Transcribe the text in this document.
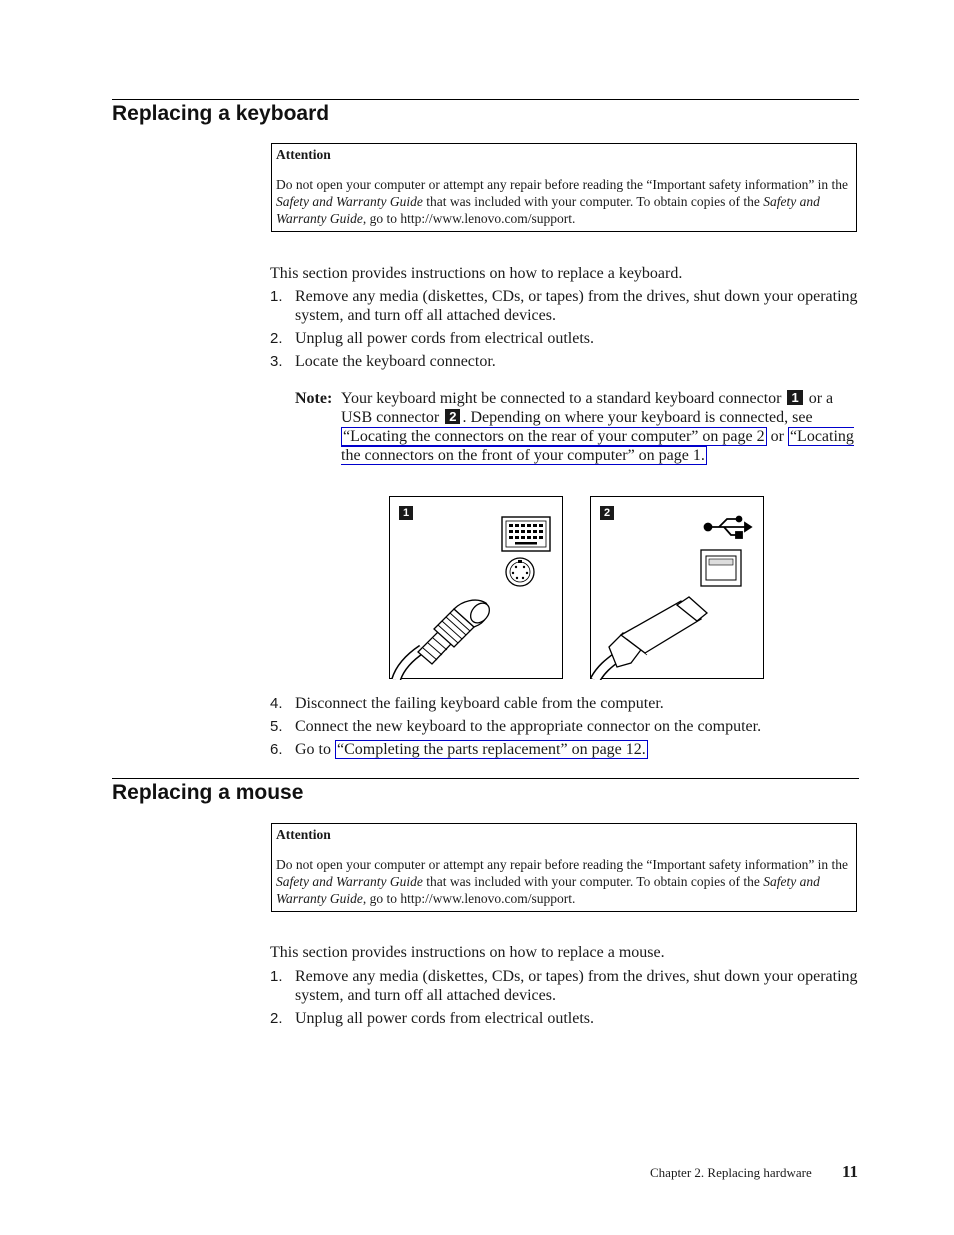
Replacing a keyboard
Attention

Do not open your computer or attempt any repair before reading the “Important safety information” in the Safety and Warranty Guide that was included with your computer. To obtain copies of the Safety and Warranty Guide, go to http://www.lenovo.com/support.

This section provides instructions on how to replace a keyboard.

1. Remove any media (diskettes, CDs, or tapes) from the drives, shut down your operating system, and turn off all attached devices.
2. Unplug all power cords from electrical outlets.
3. Locate the keyboard connector.
Note: Your keyboard might be connected to a standard keyboard connector 1 or a USB connector 2 . Depending on where your keyboard is connected, see “Locating the connectors on the rear of your computer” on page 2 or “Locating the connectors on the front of your computer” on page 1.
1	2
4. Disconnect the failing keyboard cable from the computer.
5. Connect the new keyboard to the appropriate connector on the computer.
6. Go to “Completing the parts replacement” on page 12.
Replacing a mouse
Attention

Do not open your computer or attempt any repair before reading the “Important safety information” in the Safety and Warranty Guide that was included with your computer. To obtain copies of the Safety and Warranty Guide, go to http://www.lenovo.com/support.

This section provides instructions on how to replace a mouse.

1. Remove any media (diskettes, CDs, or tapes) from the drives, shut down your operating system, and turn off all attached devices.
2. Unplug all power cords from electrical outlets.
Chapter 2. Replacing hardware 11
